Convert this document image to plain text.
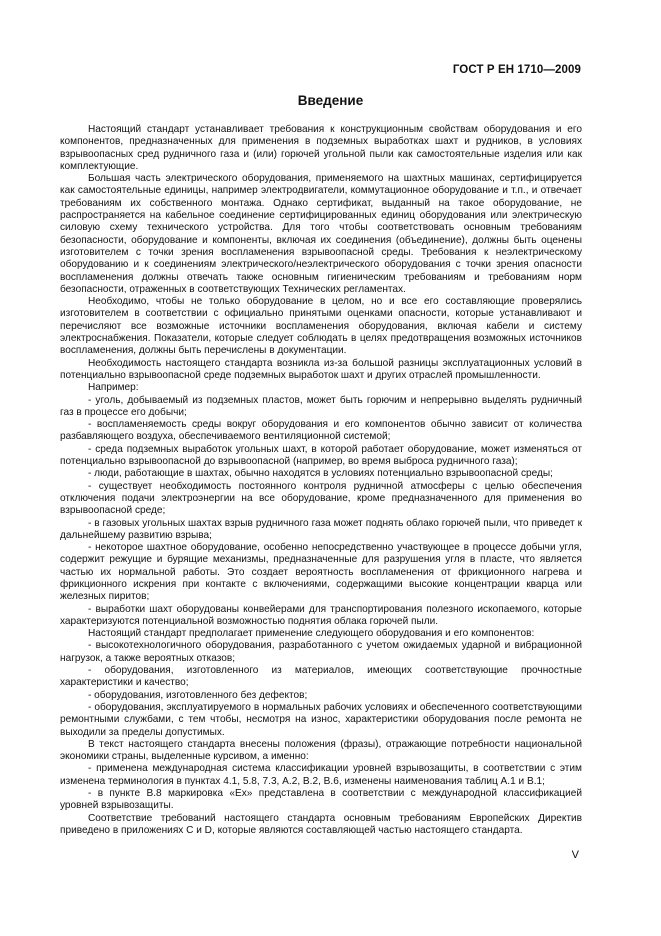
ГОСТ Р ЕН 1710—2009
Введение

Настоящий стандарт устанавливает требования к конструкционным свойствам оборудования и его компонентов, предназначенных для применения в подземных выработках шахт и рудников, в условиях взрывоопасных сред рудничного газа и (или) горючей угольной пыли как самостоятельные изделия или как комплектующие.

Большая часть электрического оборудования, применяемого на шахтных машинах, сертифицируется как самостоятельные единицы, например электродвигатели, коммутационное оборудование и т.п., и отвечает требованиям их собственного монтажа. Однако сертификат, выданный на такое оборудование, не распространяется на кабельное соединение сертифицированных единиц оборудования или электрическую силовую схему технического устройства. Для того чтобы соответствовать основным требованиям безопасности, оборудование и компоненты, включая их соединения (объединение), должны быть оценены изготовителем с точки зрения воспламенения взрывоопасной среды. Требования к неэлектрическому оборудованию и к соединениям электрического/неэлектрического оборудования с точки зрения опасности воспламенения должны отвечать также основным гигиеническим требованиям и требованиям норм безопасности, отраженных в соответствующих Технических регламентах.

Необходимо, чтобы не только оборудование в целом, но и все его составляющие проверялись изготовителем в соответствии с официально принятыми оценками опасности, которые устанавливают и перечисляют все возможные источники воспламенения оборудования, включая кабели и систему электроснабжения. Показатели, которые следует соблюдать в целях предотвращения возможных источников воспламенения, должны быть перечислены в документации.

Необходимость настоящего стандарта возникла из-за большой разницы эксплуатационных условий в потенциально взрывоопасной среде подземных выработок шахт и других отраслей промышленности.

Например:

- уголь, добываемый из подземных пластов, может быть горючим и непрерывно выделять рудничный газ в процессе его добычи;

- воспламеняемость среды вокруг оборудования и его компонентов обычно зависит от количества разбавляющего воздуха, обеспечиваемого вентиляционной системой;

- среда подземных выработок угольных шахт, в которой работает оборудование, может изменяться от потенциально взрывоопасной до взрывоопасной (например, во время выброса рудничного газа);

- люди, работающие в шахтах, обычно находятся в условиях потенциально взрывоопасной среды;

- существует необходимость постоянного контроля рудничной атмосферы с целью обеспечения отключения подачи электроэнергии на все оборудование, кроме предназначенного для применения во взрывоопасной среде;

- в газовых угольных шахтах взрыв рудничного газа может поднять облако горючей пыли, что приведет к дальнейшему развитию взрыва;

- некоторое шахтное оборудование, особенно непосредственно участвующее в процессе добычи угля, содержит режущие и бурящие механизмы, предназначенные для разрушения угля в пласте, что является частью их нормальной работы. Это создает вероятность воспламенения от фрикционного нагрева и фрикционного искрения при контакте с включениями, содержащими высокие концентрации кварца или железных пиритов;

- выработки шахт оборудованы конвейерами для транспортирования полезного ископаемого, которые характеризуются потенциальной возможностью поднятия облака горючей пыли.

Настоящий стандарт предполагает применение следующего оборудования и его компонентов:

- высокотехнологичного оборудования, разработанного с учетом ожидаемых ударной и вибрационной нагрузок, а также вероятных отказов;

- оборудования, изготовленного из материалов, имеющих соответствующие прочностные характеристики и качество;

- оборудования, изготовленного без дефектов;

- оборудования, эксплуатируемого в нормальных рабочих условиях и обеспеченного соответствующими ремонтными службами, с тем чтобы, несмотря на износ, характеристики оборудования после ремонта не выходили за пределы допустимых.

В текст настоящего стандарта внесены положения (фразы), отражающие потребности национальной экономики страны, выделенные курсивом, а именно:

- применена международная система классификации уровней взрывозащиты, в соответствии с этим изменена терминология в пунктах 4.1, 5.8, 7.3, А.2, В.2, В.6, изменены наименования таблиц А.1 и В.1;

- в пункте В.8 маркировка «Ех» представлена в соответствии с международной классификацией уровней взрывозащиты.

Соответствие требований настоящего стандарта основным требованиям Европейских Директив приведено в приложениях С и D, которые являются составляющей частью настоящего стандарта.

V
